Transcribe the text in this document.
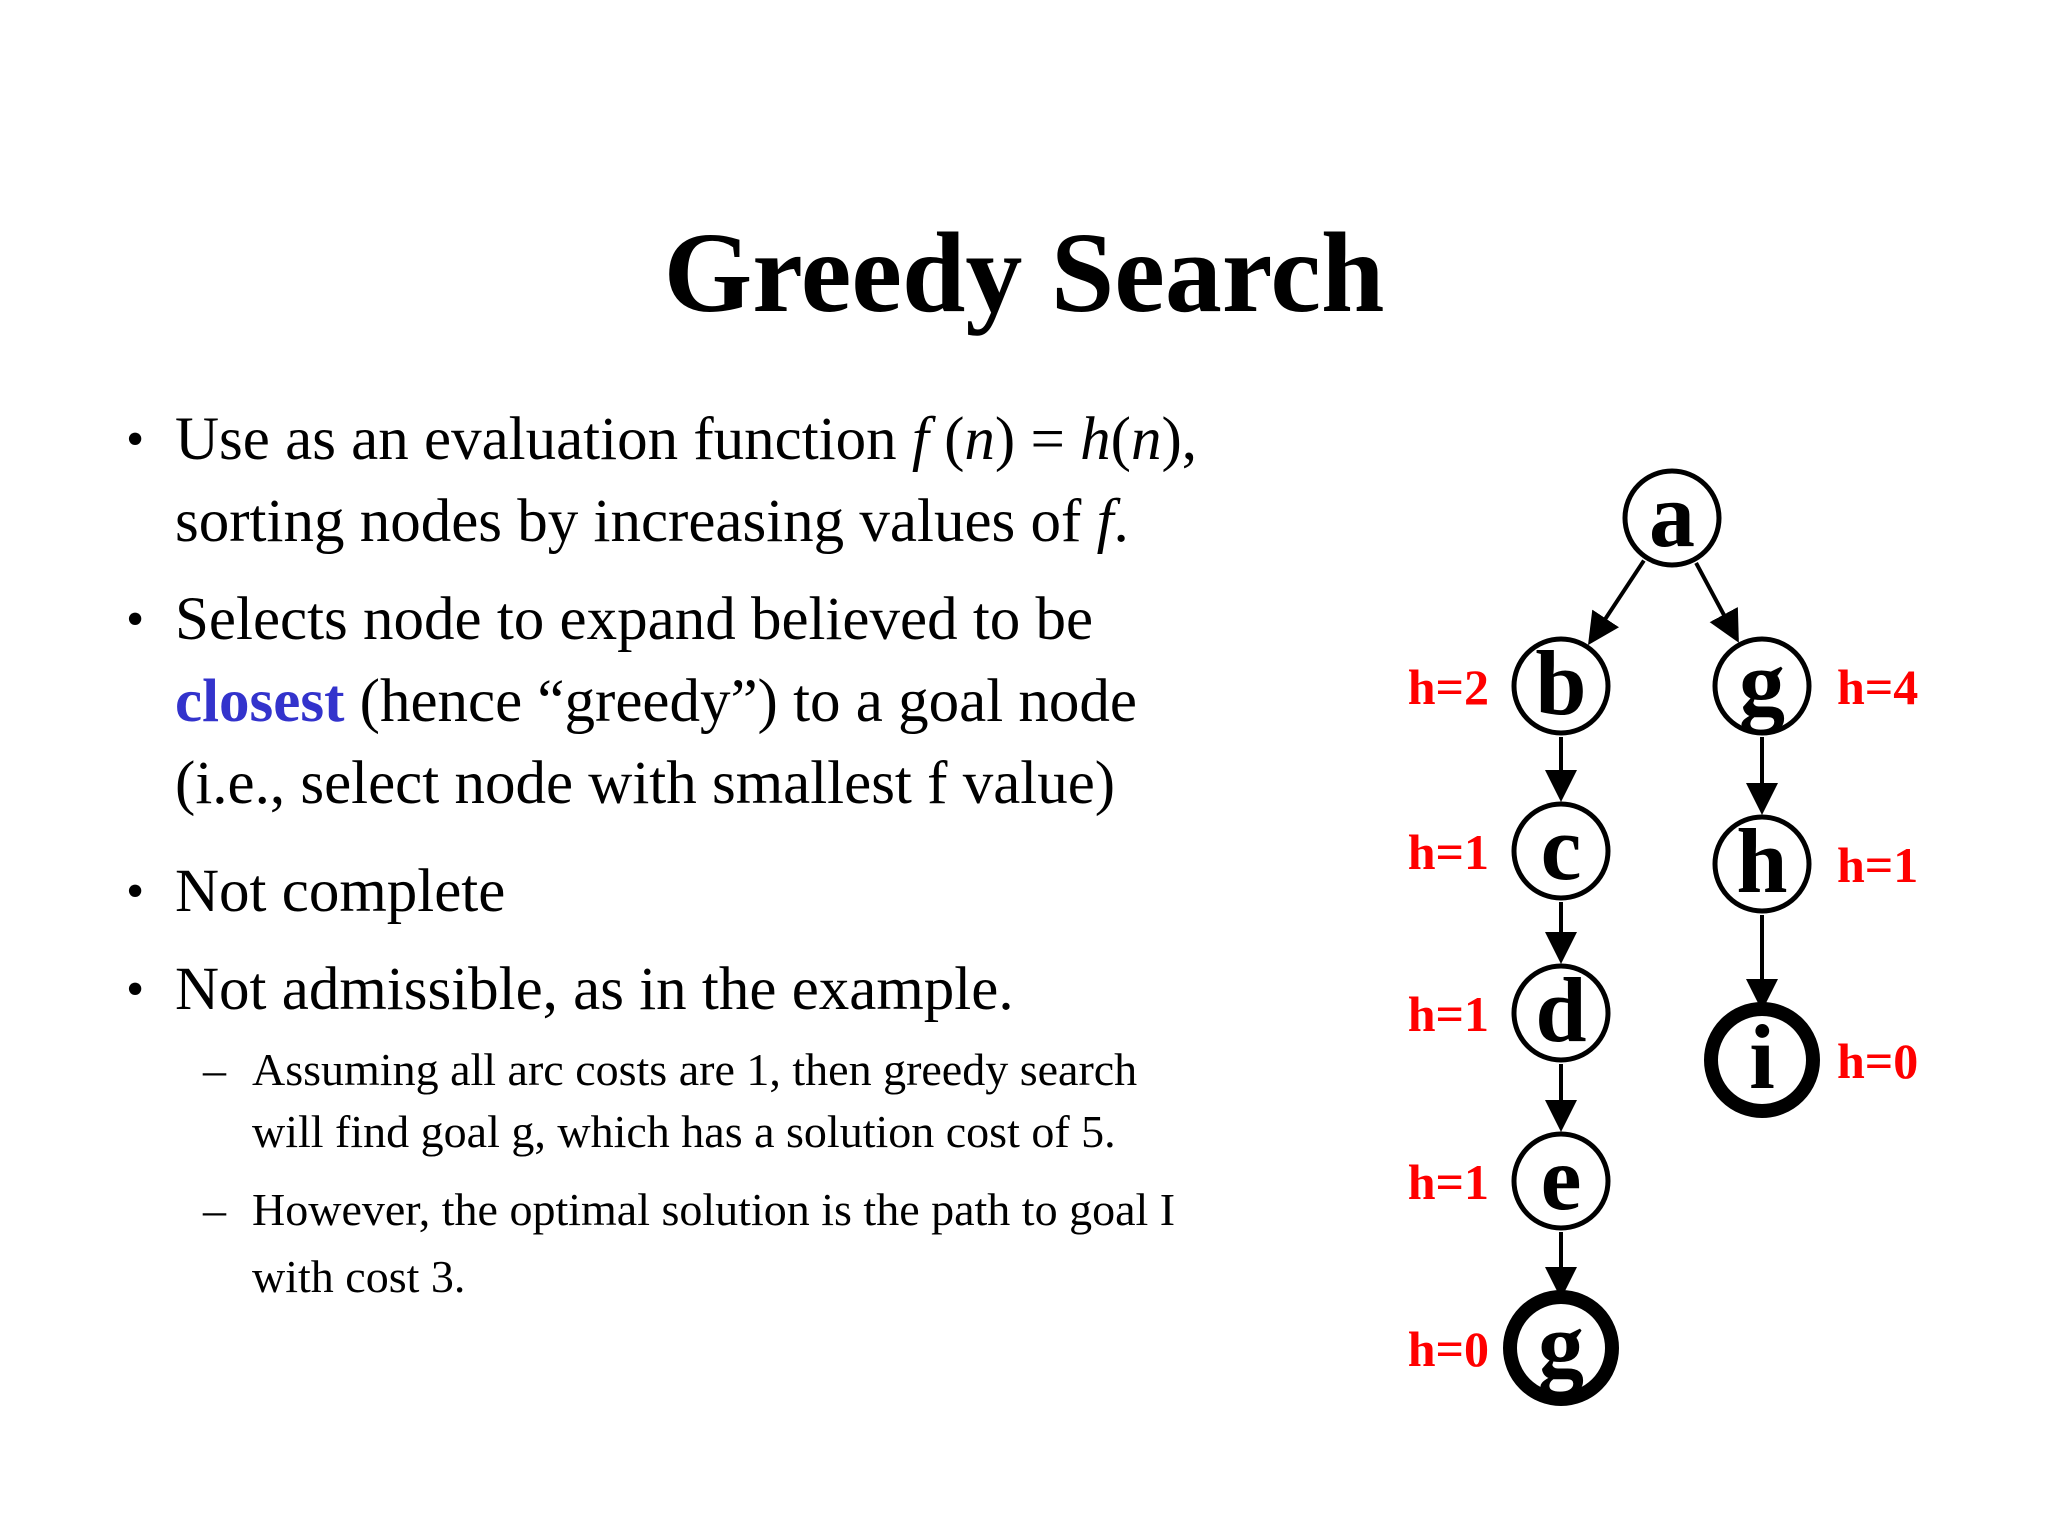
Greedy Search
• Use as an evaluation function f (n) = h(n),
sorting nodes by increasing values of f.
• Selects node to expand believed to be
closest (hence “greedy”) to a goal node
(i.e., select node with smallest f value)
• Not complete
• Not admissible, as in the example.
– Assuming all arc costs are 1, then greedy search
will find goal g, which has a solution cost of 5.
– However, the optimal solution is the path to goal I
with cost 3.
a
b
h=2
c
h=1
d
h=1
e
h=1
g
h=0
g h=4
h h=1
i h=0
